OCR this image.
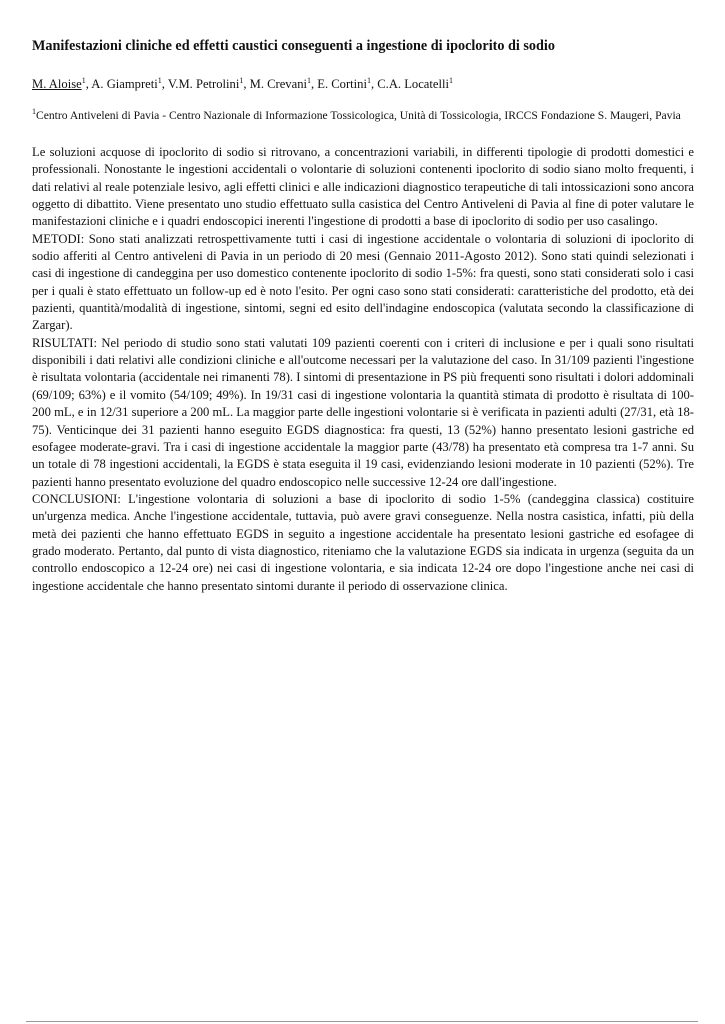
Manifestazioni cliniche ed effetti caustici conseguenti a ingestione di ipoclorito di sodio
M. Aloise$^1$, A. Giampreti$^1$, V.M. Petrolini$^1$, M. Crevani$^1$, E. Cortini$^1$, C.A. Locatelli$^1$
$^1$Centro Antiveleni di Pavia - Centro Nazionale di Informazione Tossicologica, Unità di Tossicologia, IRCCS Fondazione S. Maugeri, Pavia

Le soluzioni acquose di ipoclorito di sodio si ritrovano, a concentrazioni variabili, in differenti tipologie di prodotti domestici e professionali. Nonostante le ingestioni accidentali o volontarie di soluzioni contenenti ipoclorito di sodio siano molto frequenti, i dati relativi al reale potenziale lesivo, agli effetti clinici e alle indicazioni diagnostico terapeutiche di tali intossicazioni sono ancora oggetto di dibattito. Viene presentato uno studio effettuato sulla casistica del Centro Antiveleni di Pavia al fine di poter valutare le manifestazioni cliniche e i quadri endoscopici inerenti l'ingestione di prodotti a base di ipoclorito di sodio per uso casalingo.

METODI: Sono stati analizzati retrospettivamente tutti i casi di ingestione accidentale o volontaria di soluzioni di ipoclorito di sodio afferiti al Centro antiveleni di Pavia in un periodo di 20 mesi (Gennaio 2011-Agosto 2012). Sono stati quindi selezionati i casi di ingestione di candeggina per uso domestico contenente ipoclorito di sodio 1-5%: fra questi, sono stati considerati solo i casi per i quali è stato effettuato un follow-up ed è noto l'esito. Per ogni caso sono stati considerati: caratteristiche del prodotto, età dei pazienti, quantità/modalità di ingestione, sintomi, segni ed esito dell'indagine endoscopica (valutata secondo la classificazione di Zargar).

RISULTATI: Nel periodo di studio sono stati valutati 109 pazienti coerenti con i criteri di inclusione e per i quali sono risultati disponibili i dati relativi alle condizioni cliniche e all'outcome necessari per la valutazione del caso. In 31/109 pazienti l'ingestione è risultata volontaria (accidentale nei rimanenti 78). I sintomi di presentazione in PS più frequenti sono risultati i dolori addominali (69/109; 63%) e il vomito (54/109; 49%). In 19/31 casi di ingestione volontaria la quantità stimata di prodotto è risultata di 100-200 mL, e in 12/31 superiore a 200 mL. La maggior parte delle ingestioni volontarie si è verificata in pazienti adulti (27/31, età 18-75). Venticinque dei 31 pazienti hanno eseguito EGDS diagnostica: fra questi, 13 (52%) hanno presentato lesioni gastriche ed esofagee moderate-gravi. Tra i casi di ingestione accidentale la maggior parte (43/78) ha presentato età compresa tra 1-7 anni. Su un totale di 78 ingestioni accidentali, la EGDS è stata eseguita il 19 casi, evidenziando lesioni moderate in 10 pazienti (52%). Tre pazienti hanno presentato evoluzione del quadro endoscopico nelle successive 12-24 ore dall'ingestione.

CONCLUSIONI: L'ingestione volontaria di soluzioni a base di ipoclorito di sodio 1-5% (candeggina classica) costituire un'urgenza medica. Anche l'ingestione accidentale, tuttavia, può avere gravi conseguenze. Nella nostra casistica, infatti, più della metà dei pazienti che hanno effettuato EGDS in seguito a ingestione accidentale ha presentato lesioni gastriche ed esofagee di grado moderato. Pertanto, dal punto di vista diagnostico, riteniamo che la valutazione EGDS sia indicata in urgenza (seguita da un controllo endoscopico a 12-24 ore) nei casi di ingestione volontaria, e sia indicata 12-24 ore dopo l'ingestione anche nei casi di ingestione accidentale che hanno presentato sintomi durante il periodo di osservazione clinica.
